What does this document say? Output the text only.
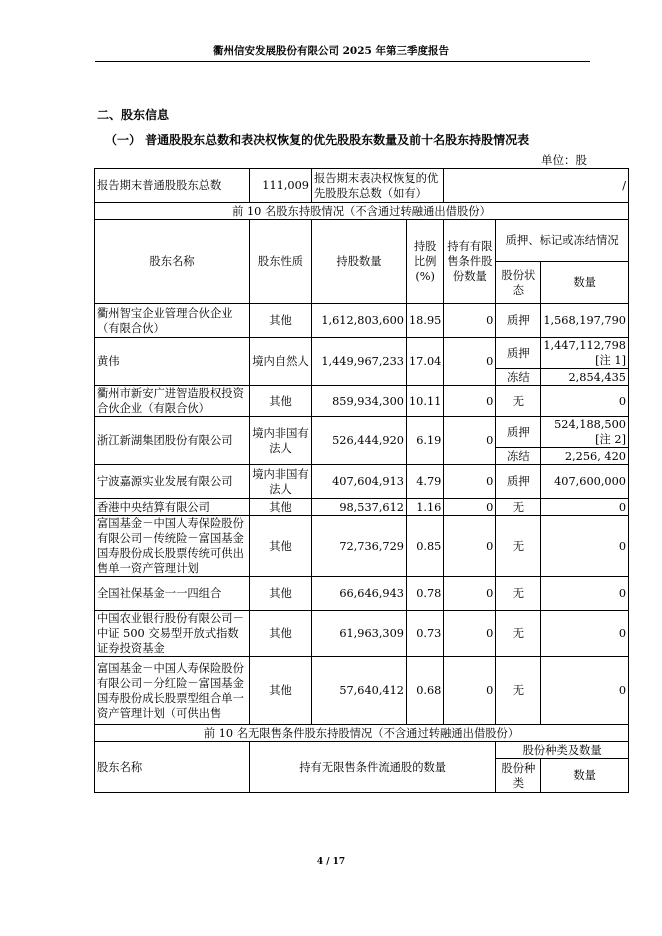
衢州信安发展股份有限公司 2025 年第三季度报告
二、股东信息
（一） 普通股股东总数和表决权恢复的优先股股东数量及前十名股东持股情况表
单位：股
报告期末普通股股东总数	111,009	报告期末表决权恢复的优先股股东总数（如有）		/		
前 10 名股东持股情况（不含通过转融通出借股份）						
股东名称	股东性质	持股数量	持股比例(%)	持有有限售条件股份数量	质押、标记或冻结情况	
					股份状态	数量
衢州智宝企业管理合伙企业（有限合伙）	其他	1,612,803,600	18.95	0	质押	1,568,197,790
黄伟	境内自然人	1,449,967,233	17.04	0	质押	1,447,112,798
[注 1]
					冻结	2,854,435
衢州市新安广进智造股权投资合伙企业（有限合伙）	其他	859,934,300	10.11	0	无	0
浙江新湖集团股份有限公司	境内非国有法人	526,444,920	6.19	0	质押	524,188,500
[注 2]
					冻结	2,256, 420
宁波嘉源实业发展有限公司	境内非国有法人	407,604,913	4.79	0	质押	407,600,000
香港中央结算有限公司	其他	98,537,612	1.16	0	无	0
富国基金－中国人寿保险股份有限公司－传统险－富国基金国寿股份成长股票传统可供出售单一资产管理计划	其他	72,736,729	0.85	0	无	0
全国社保基金一一四组合	其他	66,646,943	0.78	0	无	0
中国农业银行股份有限公司－中证 500 交易型开放式指数证券投资基金	其他	61,963,309	0.73	0	无	0
富国基金－中国人寿保险股份有限公司－分红险－富国基金国寿股份成长股票型组合单一资产管理计划（可供出售	其他	57,640,412	0.68	0	无	0
前 10 名无限售条件股东持股情况（不含通过转融通出借股份）						
股东名称	持有无限售条件流通股的数量				股份种类及数量	
					股份种类	数量
4 / 17
